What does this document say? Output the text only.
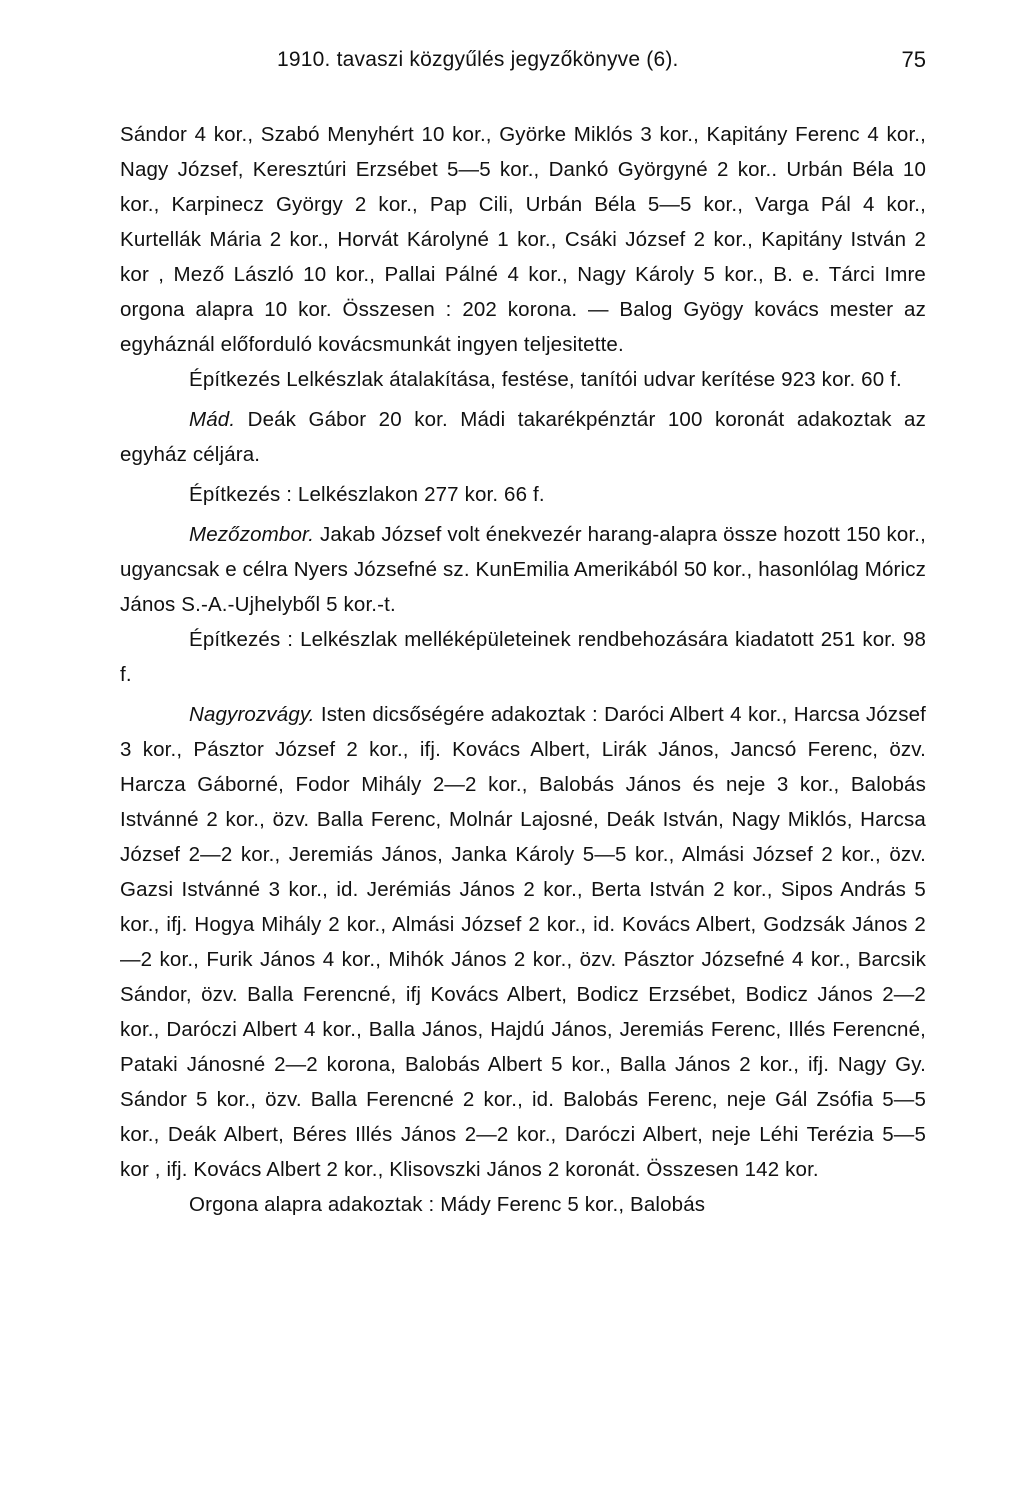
1910. tavaszi közgyűlés jegyzőkönyve (6).	75

Sándor 4 kor., Szabó Menyhért 10 kor., Györke Miklós 3 kor., Kapitány Ferenc 4 kor., Nagy József, Keresztúri Erzsébet 5—5 kor., Dankó Györgyné 2 kor.. Urbán Béla 10 kor., Karpinecz György 2 kor., Pap Cili, Urbán Béla 5—5 kor., Varga Pál 4 kor., Kurtellák Mária 2 kor., Horvát Károlyné 1 kor., Csáki József 2 kor., Kapitány István 2 kor , Mező László 10 kor., Pallai Pálné 4 kor., Nagy Károly 5 kor., B. e. Tárci Imre orgona alapra 10 kor. Összesen : 202 korona. — Balog Gyögy kovács mester az egyháznál előforduló kovácsmunkát ingyen teljesitette.

Építkezés Lelkészlak átalakítása, festése, tanítói udvar kerítése 923 kor. 60 f.

Mád. Deák Gábor 20 kor. Mádi takarékpénztár 100 koronát adakoztak az egyház céljára.

Építkezés : Lelkészlakon 277 kor. 66 f.

Mezőzombor. Jakab József volt énekvezér harang-alapra össze hozott 150 kor., ugyancsak e célra Nyers Józsefné sz. KunEmilia Amerikából 50 kor., hasonlólag Móricz János S.-A.-Ujhelyből 5 kor.-t.

Építkezés : Lelkészlak melléképületeinek rendbehozására kiadatott 251 kor. 98 f.

Nagyrozvágy. Isten dicsőségére adakoztak : Daróci Albert 4 kor., Harcsa József 3 kor., Pásztor József 2 kor., ifj. Kovács Albert, Lirák János, Jancsó Ferenc, özv. Harcza Gáborné, Fodor Mihály 2—2 kor., Balobás János és neje 3 kor., Balobás Istvánné 2 kor., özv. Balla Ferenc, Molnár Lajosné, Deák István, Nagy Miklós, Harcsa József 2—2 kor., Jeremiás János, Janka Károly 5—5 kor., Almási József 2 kor., özv. Gazsi Istvánné 3 kor., id. Jerémiás János 2 kor., Berta István 2 kor., Sipos András 5 kor., ifj. Hogya Mihály 2 kor., Almási József 2 kor., id. Kovács Albert, Godzsák János 2—2 kor., Furik János 4 kor., Mihók János 2 kor., özv. Pásztor Józsefné 4 kor., Barcsik Sándor, özv. Balla Ferencné, ifj Kovács Albert, Bodicz Erzsébet, Bodicz János 2—2 kor., Daróczi Albert 4 kor., Balla János, Hajdú János, Jeremiás Ferenc, Illés Ferencné, Pataki Jánosné 2—2 korona, Balobás Albert 5 kor., Balla János 2 kor., ifj. Nagy Gy. Sándor 5 kor., özv. Balla Ferencné 2 kor., id. Balobás Ferenc, neje Gál Zsófia 5—5 kor., Deák Albert, Béres Illés János 2—2 kor., Daróczi Albert, neje Léhi Terézia 5—5 kor , ifj. Kovács Albert 2 kor., Klisovszki János 2 koronát. Összesen 142 kor.

Orgona alapra adakoztak : Mády Ferenc 5 kor., Balobás
